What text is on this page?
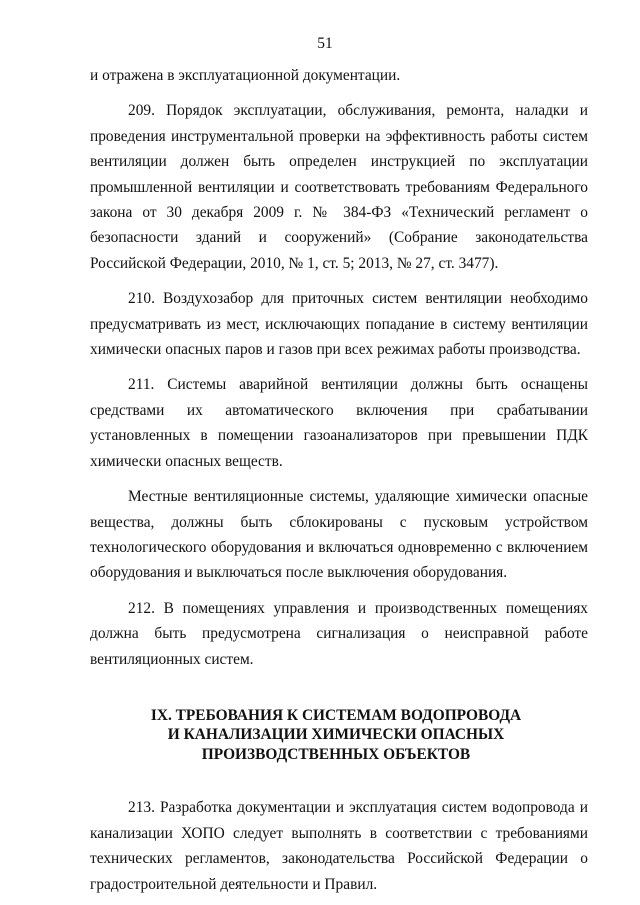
51

и отражена в эксплуатационной документации.

209. Порядок эксплуатации, обслуживания, ремонта, наладки и проведения инструментальной проверки на эффективность работы систем вентиляции должен быть определен инструкцией по эксплуатации промышленной вентиляции и соответствовать требованиям Федерального закона от 30 декабря 2009 г. № 384-ФЗ «Технический регламент о безопасности зданий и сооружений» (Собрание законодательства Российской Федерации, 2010, № 1, ст. 5; 2013, № 27, ст. 3477).

210. Воздухозабор для приточных систем вентиляции необходимо предусматривать из мест, исключающих попадание в систему вентиляции химически опасных паров и газов при всех режимах работы производства.

211. Системы аварийной вентиляции должны быть оснащены средствами их автоматического включения при срабатывании установленных в помещении газоанализаторов при превышении ПДК химически опасных веществ.

Местные вентиляционные системы, удаляющие химически опасные вещества, должны быть сблокированы с пусковым устройством технологического оборудования и включаться одновременно с включением оборудования и выключаться после выключения оборудования.

212. В помещениях управления и производственных помещениях должна быть предусмотрена сигнализация о неисправной работе вентиляционных систем.

IX. ТРЕБОВАНИЯ К СИСТЕМАМ ВОДОПРОВОДА
И КАНАЛИЗАЦИИ ХИМИЧЕСКИ ОПАСНЫХ
ПРОИЗВОДСТВЕННЫХ ОБЪЕКТОВ

213. Разработка документации и эксплуатация систем водопровода и канализации ХОПО следует выполнять в соответствии с требованиями технических регламентов, законодательства Российской Федерации о градостроительной деятельности и Правил.
